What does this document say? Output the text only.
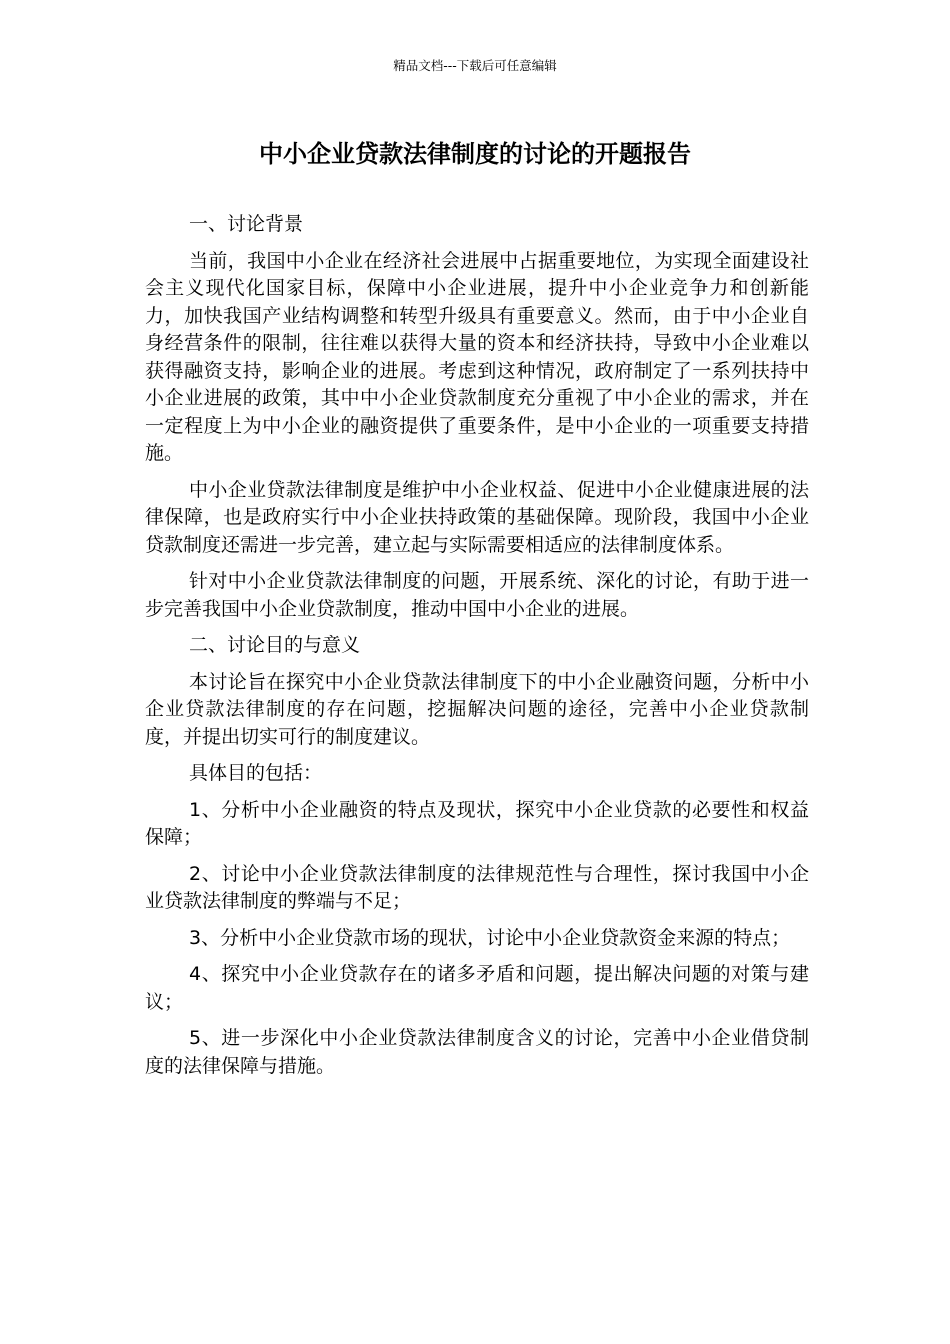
精品文档---下载后可任意编辑
中小企业贷款法律制度的讨论的开题报告

一、讨论背景

当前，我国中小企业在经济社会进展中占据重要地位，为实现全面建设社会主义现代化国家目标，保障中小企业进展，提升中小企业竞争力和创新能力，加快我国产业结构调整和转型升级具有重要意义。然而，由于中小企业自身经营条件的限制，往往难以获得大量的资本和经济扶持，导致中小企业难以获得融资支持，影响企业的进展。考虑到这种情况，政府制定了一系列扶持中小企业进展的政策，其中中小企业贷款制度充分重视了中小企业的需求，并在一定程度上为中小企业的融资提供了重要条件，是中小企业的一项重要支持措施。

中小企业贷款法律制度是维护中小企业权益、促进中小企业健康进展的法律保障，也是政府实行中小企业扶持政策的基础保障。现阶段，我国中小企业贷款制度还需进一步完善，建立起与实际需要相适应的法律制度体系。

针对中小企业贷款法律制度的问题，开展系统、深化的讨论，有助于进一步完善我国中小企业贷款制度，推动中国中小企业的进展。

二、讨论目的与意义

本讨论旨在探究中小企业贷款法律制度下的中小企业融资问题，分析中小企业贷款法律制度的存在问题，挖掘解决问题的途径，完善中小企业贷款制度，并提出切实可行的制度建议。

具体目的包括：

1、分析中小企业融资的特点及现状，探究中小企业贷款的必要性和权益保障；

2、讨论中小企业贷款法律制度的法律规范性与合理性，探讨我国中小企业贷款法律制度的弊端与不足；

3、分析中小企业贷款市场的现状，讨论中小企业贷款资金来源的特点；

4、探究中小企业贷款存在的诸多矛盾和问题，提出解决问题的对策与建议；

5、进一步深化中小企业贷款法律制度含义的讨论，完善中小企业借贷制度的法律保障与措施。
